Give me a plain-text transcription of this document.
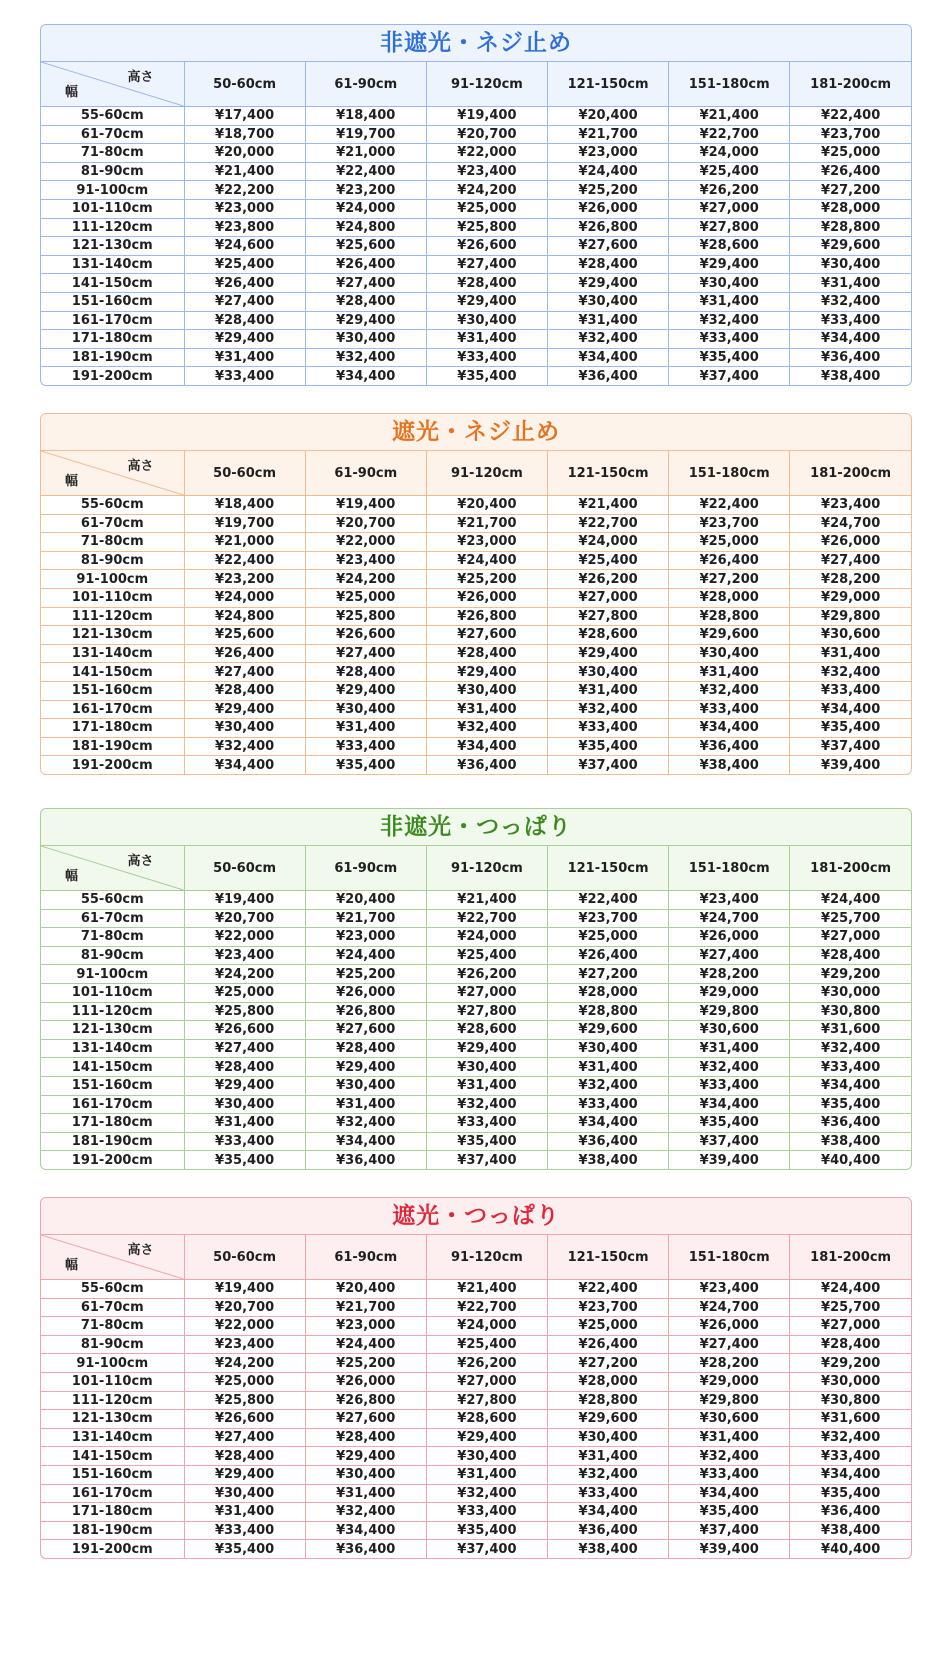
非遮光・ネジ止め
高さ
幅	50-60cm	61-90cm	91-120cm	121-150cm	151-180cm	181-200cm
55-60cm	¥17,400	¥18,400	¥19,400	¥20,400	¥21,400	¥22,400
61-70cm	¥18,700	¥19,700	¥20,700	¥21,700	¥22,700	¥23,700
71-80cm	¥20,000	¥21,000	¥22,000	¥23,000	¥24,000	¥25,000
81-90cm	¥21,400	¥22,400	¥23,400	¥24,400	¥25,400	¥26,400
91-100cm	¥22,200	¥23,200	¥24,200	¥25,200	¥26,200	¥27,200
101-110cm	¥23,000	¥24,000	¥25,000	¥26,000	¥27,000	¥28,000
111-120cm	¥23,800	¥24,800	¥25,800	¥26,800	¥27,800	¥28,800
121-130cm	¥24,600	¥25,600	¥26,600	¥27,600	¥28,600	¥29,600
131-140cm	¥25,400	¥26,400	¥27,400	¥28,400	¥29,400	¥30,400
141-150cm	¥26,400	¥27,400	¥28,400	¥29,400	¥30,400	¥31,400
151-160cm	¥27,400	¥28,400	¥29,400	¥30,400	¥31,400	¥32,400
161-170cm	¥28,400	¥29,400	¥30,400	¥31,400	¥32,400	¥33,400
171-180cm	¥29,400	¥30,400	¥31,400	¥32,400	¥33,400	¥34,400
181-190cm	¥31,400	¥32,400	¥33,400	¥34,400	¥35,400	¥36,400
191-200cm	¥33,400	¥34,400	¥35,400	¥36,400	¥37,400	¥38,400
遮光・ネジ止め
高さ
幅	50-60cm	61-90cm	91-120cm	121-150cm	151-180cm	181-200cm
55-60cm	¥18,400	¥19,400	¥20,400	¥21,400	¥22,400	¥23,400
61-70cm	¥19,700	¥20,700	¥21,700	¥22,700	¥23,700	¥24,700
71-80cm	¥21,000	¥22,000	¥23,000	¥24,000	¥25,000	¥26,000
81-90cm	¥22,400	¥23,400	¥24,400	¥25,400	¥26,400	¥27,400
91-100cm	¥23,200	¥24,200	¥25,200	¥26,200	¥27,200	¥28,200
101-110cm	¥24,000	¥25,000	¥26,000	¥27,000	¥28,000	¥29,000
111-120cm	¥24,800	¥25,800	¥26,800	¥27,800	¥28,800	¥29,800
121-130cm	¥25,600	¥26,600	¥27,600	¥28,600	¥29,600	¥30,600
131-140cm	¥26,400	¥27,400	¥28,400	¥29,400	¥30,400	¥31,400
141-150cm	¥27,400	¥28,400	¥29,400	¥30,400	¥31,400	¥32,400
151-160cm	¥28,400	¥29,400	¥30,400	¥31,400	¥32,400	¥33,400
161-170cm	¥29,400	¥30,400	¥31,400	¥32,400	¥33,400	¥34,400
171-180cm	¥30,400	¥31,400	¥32,400	¥33,400	¥34,400	¥35,400
181-190cm	¥32,400	¥33,400	¥34,400	¥35,400	¥36,400	¥37,400
191-200cm	¥34,400	¥35,400	¥36,400	¥37,400	¥38,400	¥39,400
非遮光・つっぱり
高さ
幅	50-60cm	61-90cm	91-120cm	121-150cm	151-180cm	181-200cm
55-60cm	¥19,400	¥20,400	¥21,400	¥22,400	¥23,400	¥24,400
61-70cm	¥20,700	¥21,700	¥22,700	¥23,700	¥24,700	¥25,700
71-80cm	¥22,000	¥23,000	¥24,000	¥25,000	¥26,000	¥27,000
81-90cm	¥23,400	¥24,400	¥25,400	¥26,400	¥27,400	¥28,400
91-100cm	¥24,200	¥25,200	¥26,200	¥27,200	¥28,200	¥29,200
101-110cm	¥25,000	¥26,000	¥27,000	¥28,000	¥29,000	¥30,000
111-120cm	¥25,800	¥26,800	¥27,800	¥28,800	¥29,800	¥30,800
121-130cm	¥26,600	¥27,600	¥28,600	¥29,600	¥30,600	¥31,600
131-140cm	¥27,400	¥28,400	¥29,400	¥30,400	¥31,400	¥32,400
141-150cm	¥28,400	¥29,400	¥30,400	¥31,400	¥32,400	¥33,400
151-160cm	¥29,400	¥30,400	¥31,400	¥32,400	¥33,400	¥34,400
161-170cm	¥30,400	¥31,400	¥32,400	¥33,400	¥34,400	¥35,400
171-180cm	¥31,400	¥32,400	¥33,400	¥34,400	¥35,400	¥36,400
181-190cm	¥33,400	¥34,400	¥35,400	¥36,400	¥37,400	¥38,400
191-200cm	¥35,400	¥36,400	¥37,400	¥38,400	¥39,400	¥40,400
遮光・つっぱり
高さ
幅	50-60cm	61-90cm	91-120cm	121-150cm	151-180cm	181-200cm
55-60cm	¥19,400	¥20,400	¥21,400	¥22,400	¥23,400	¥24,400
61-70cm	¥20,700	¥21,700	¥22,700	¥23,700	¥24,700	¥25,700
71-80cm	¥22,000	¥23,000	¥24,000	¥25,000	¥26,000	¥27,000
81-90cm	¥23,400	¥24,400	¥25,400	¥26,400	¥27,400	¥28,400
91-100cm	¥24,200	¥25,200	¥26,200	¥27,200	¥28,200	¥29,200
101-110cm	¥25,000	¥26,000	¥27,000	¥28,000	¥29,000	¥30,000
111-120cm	¥25,800	¥26,800	¥27,800	¥28,800	¥29,800	¥30,800
121-130cm	¥26,600	¥27,600	¥28,600	¥29,600	¥30,600	¥31,600
131-140cm	¥27,400	¥28,400	¥29,400	¥30,400	¥31,400	¥32,400
141-150cm	¥28,400	¥29,400	¥30,400	¥31,400	¥32,400	¥33,400
151-160cm	¥29,400	¥30,400	¥31,400	¥32,400	¥33,400	¥34,400
161-170cm	¥30,400	¥31,400	¥32,400	¥33,400	¥34,400	¥35,400
171-180cm	¥31,400	¥32,400	¥33,400	¥34,400	¥35,400	¥36,400
181-190cm	¥33,400	¥34,400	¥35,400	¥36,400	¥37,400	¥38,400
191-200cm	¥35,400	¥36,400	¥37,400	¥38,400	¥39,400	¥40,400
